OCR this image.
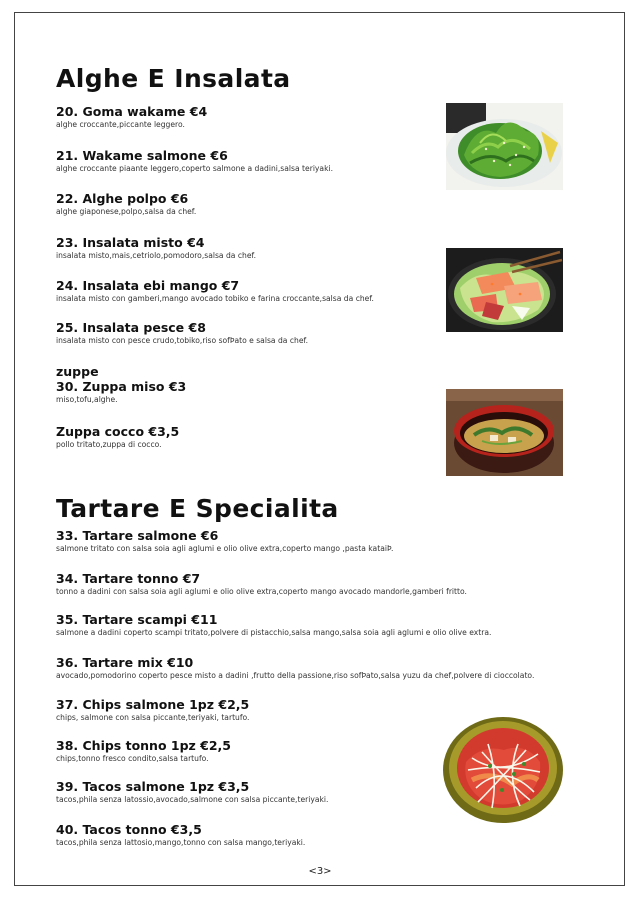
Alghe E Insalata
20. Goma wakame €4
alghe croccante,piccante leggero.
21. Wakame salmone €6
alghe croccante piaante leggero,coperto salmone a dadini,salsa teriyaki.
22. Alghe polpo €6
alghe giaponese,polpo,salsa da chef.
23. Insalata misto €4
insalata misto,mais,cetriolo,pomodoro,salsa da chef.
24. Insalata ebi mango €7
insalata misto con gamberi,mango avocado tobiko e farina croccante,salsa da chef.
25. Insalata pesce €8
insalata misto con pesce crudo,tobiko,riso sofÞato e salsa da chef.
zuppe
30. Zuppa miso €3
miso,tofu,alghe.
Zuppa cocco €3,5
pollo tritato,zuppa di cocco.
Tartare E Specialita
33. Tartare salmone €6
salmone tritato con salsa soia agli aglumi e olio olive extra,coperto mango ,pasta kataiÞ.
34. Tartare tonno €7
tonno a dadini con salsa soia agli aglumi e olio olive extra,coperto mango avocado mandorle,gamberi fritto.
35. Tartare scampi €11
salmone a dadini coperto scampi tritato,polvere di pistacchio,salsa mango,salsa soia agli aglumi e olio olive extra.
36. Tartare mix €10
avocado,pomodorino coperto pesce misto a dadini ,frutto della passione,riso sofÞato,salsa yuzu da chef,polvere di cioccolato.
37. Chips salmone 1pz €2,5
chips, salmone con salsa piccante,teriyaki, tartufo.
38. Chips tonno 1pz €2,5
chips,tonno fresco condito,salsa tartufo.
39. Tacos salmone 1pz €3,5
tacos,phila senza latossio,avocado,salmone con salsa piccante,teriyaki.
40. Tacos tonno €3,5
tacos,phila senza lattosio,mango,tonno con salsa mango,teriyaki.
<3>
